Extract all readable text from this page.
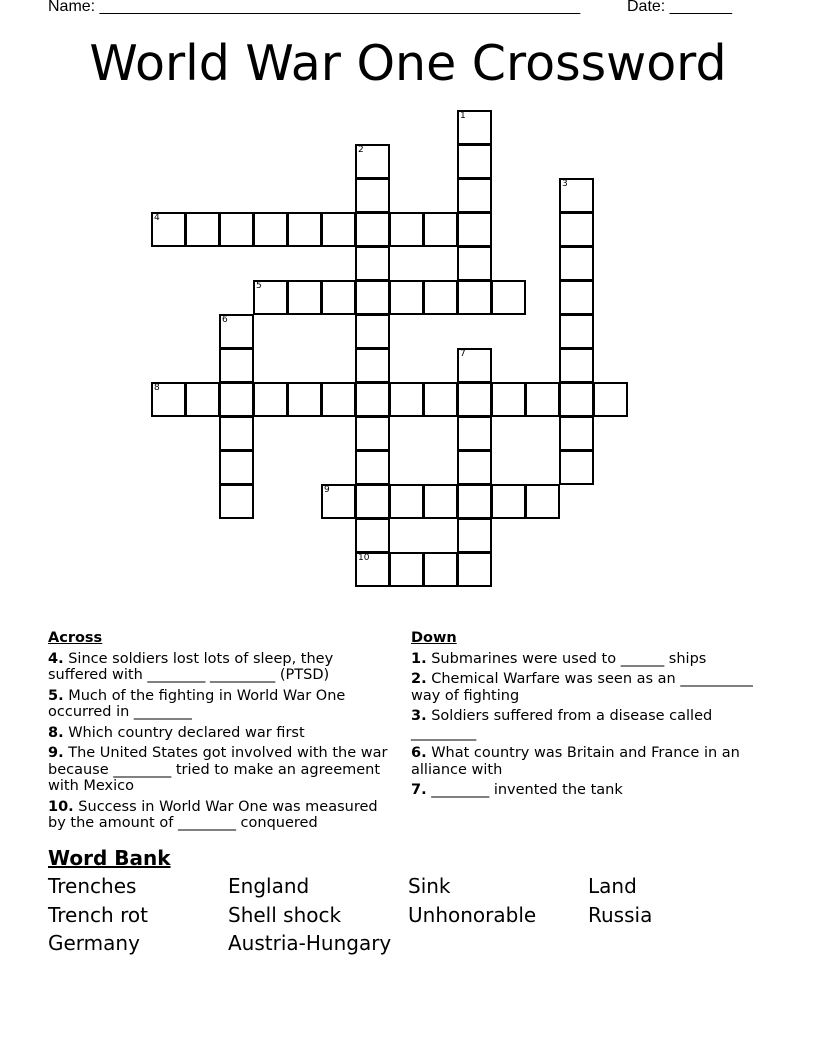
Name: ______________________________________________________	Date: _______
World War One Crossword
1
2
3
4
5
6
7
8
9
10
Across
4. Since soldiers lost lots of sleep, they suffered with ________ _________ (PTSD)
5. Much of the fighting in World War One occurred in ________
8. Which country declared war first
9. The United States got involved with the war because ________ tried to make an agreement with Mexico
10. Success in World War One was measured by the amount of ________ conquered
Down
1. Submarines were used to ______ ships
2. Chemical Warfare was seen as an __________ way of fighting
3. Soldiers suffered from a disease called _________
6. What country was Britain and France in an alliance with
7. ________ invented the tank
Word Bank
Trenches	England	Sink	Land
Trench rot	Shell shock	Unhonorable	Russia
Germany	Austria-Hungary
